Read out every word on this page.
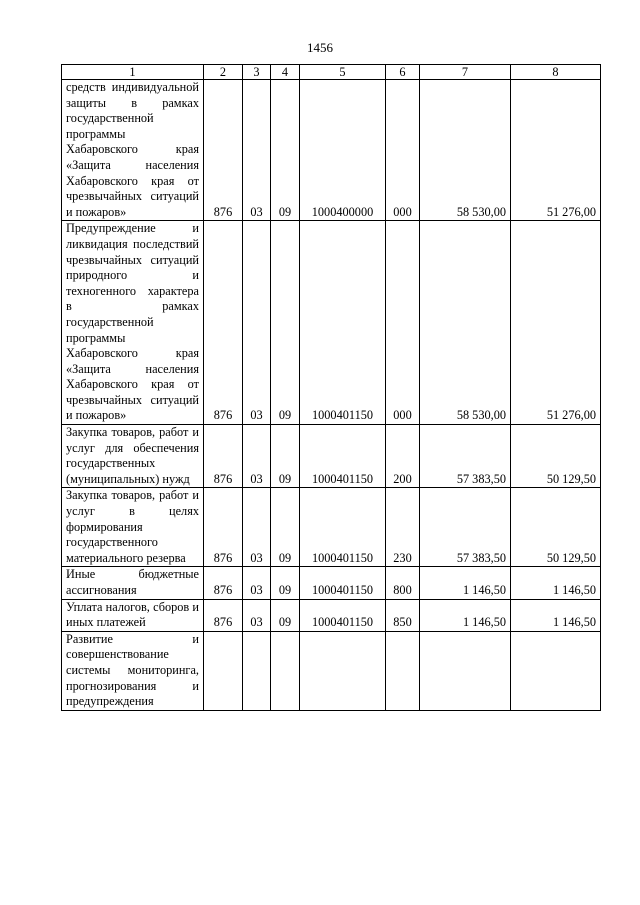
1456
1	2	3	4	5	6	7	8
средств индивидуальной защиты в рамках государственной программы Хабаровского края «Защита населения Хабаровского края от чрезвычайных ситуаций и пожаров»	876	03	09	1000400000	000	58 530,00	51 276,00
Предупреждение и ликвидация последствий чрезвычайных ситуаций природного и техногенного характера в рамках государственной программы Хабаровского края «Защита населения Хабаровского края от чрезвычайных ситуаций и пожаров»	876	03	09	1000401150	000	58 530,00	51 276,00
Закупка товаров, работ и услуг для обеспечения государственных (муниципальных) нужд	876	03	09	1000401150	200	57 383,50	50 129,50
Закупка товаров, работ и услуг в целях формирования государственного материального резерва	876	03	09	1000401150	230	57 383,50	50 129,50
Иные бюджетные ассигнования	876	03	09	1000401150	800	1 146,50	1 146,50
Уплата налогов, сборов и иных платежей	876	03	09	1000401150	850	1 146,50	1 146,50
Развитие и совершенствование системы мониторинга, прогнозирования и предупреждения							
